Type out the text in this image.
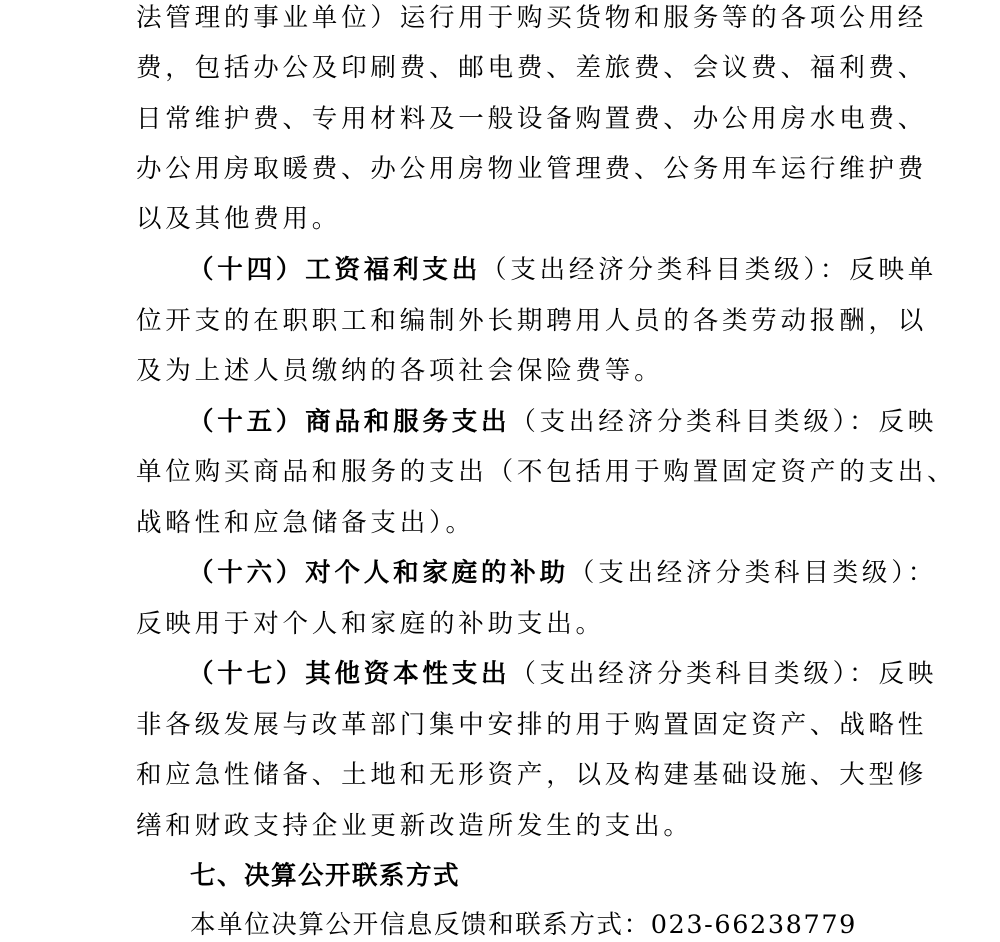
法管理的事业单位）运行用于购买货物和服务等的各项公用经
费，包括办公及印刷费、邮电费、差旅费、会议费、福利费、
日常维护费、专用材料及一般设备购置费、办公用房水电费、
办公用房取暖费、办公用房物业管理费、公务用车运行维护费
以及其他费用。
（十四）工资福利支出（支出经济分类科目类级）：反映单
位开支的在职职工和编制外长期聘用人员的各类劳动报酬，以
及为上述人员缴纳的各项社会保险费等。
（十五）商品和服务支出（支出经济分类科目类级）：反映
单位购买商品和服务的支出（不包括用于购置固定资产的支出、
战略性和应急储备支出）。
（十六）对个人和家庭的补助（支出经济分类科目类级）：
反映用于对个人和家庭的补助支出。
（十七）其他资本性支出（支出经济分类科目类级）：反映
非各级发展与改革部门集中安排的用于购置固定资产、战略性
和应急性储备、土地和无形资产，以及构建基础设施、大型修
缮和财政支持企业更新改造所发生的支出。
七、决算公开联系方式
本单位决算公开信息反馈和联系方式：023-66238779
